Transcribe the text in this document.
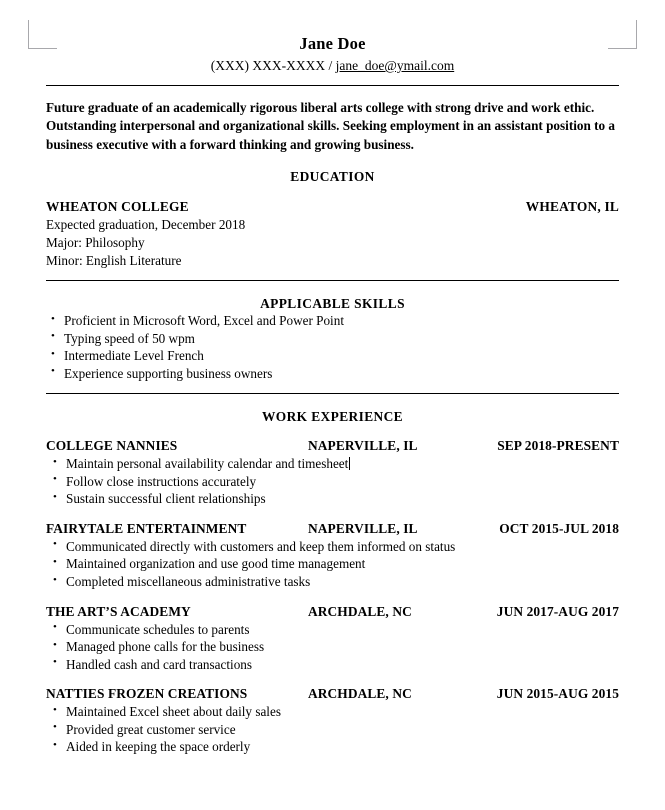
Jane Doe
(XXX) XXX-XXXX / jane_doe@ymail.com

Future graduate of an academically rigorous liberal arts college with strong drive and work ethic. Outstanding interpersonal and organizational skills. Seeking employment in an assistant position to a business executive with a forward thinking and growing business.

EDUCATION
WHEATON COLLEGE	WHEATON, IL
Expected graduation, December 2018
Major: Philosophy
Minor: English Literature
APPLICABLE SKILLS
• Proficient in Microsoft Word, Excel and Power Point
• Typing speed of 50 wpm
• Intermediate Level French
• Experience supporting business owners
WORK EXPERIENCE
COLLEGE NANNIES	NAPERVILLE, IL	SEP 2018-PRESENT
• Maintain personal availability calendar and timesheet
• Follow close instructions accurately
• Sustain successful client relationships
FAIRYTALE ENTERTAINMENT	NAPERVILLE, IL	OCT 2015-JUL 2018
• Communicated directly with customers and keep them informed on status
• Maintained organization and use good time management
• Completed miscellaneous administrative tasks
THE ART’S ACADEMY	ARCHDALE, NC	JUN 2017-AUG 2017
• Communicate schedules to parents
• Managed phone calls for the business
• Handled cash and card transactions
NATTIES FROZEN CREATIONS	ARCHDALE, NC	JUN 2015-AUG 2015
• Maintained Excel sheet about daily sales
• Provided great customer service
• Aided in keeping the space orderly
